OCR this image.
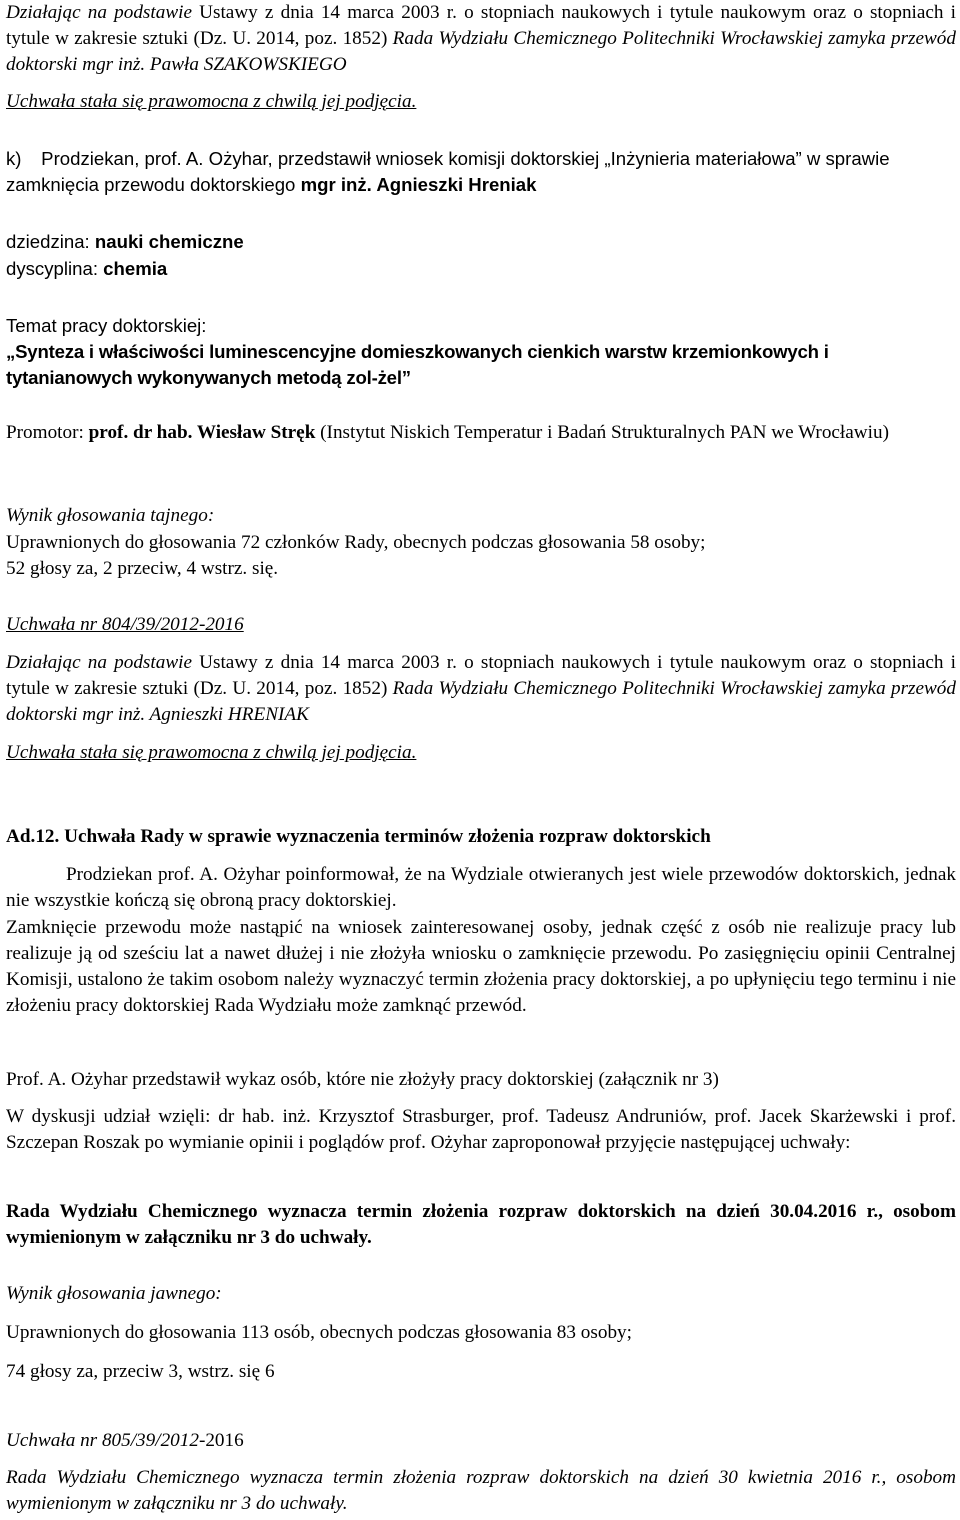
Działając na podstawie Ustawy z dnia 14 marca 2003 r. o stopniach naukowych i tytule naukowym oraz o stopniach i tytule w zakresie sztuki (Dz. U. 2014, poz. 1852) Rada Wydziału Chemicznego Politechniki Wrocławskiej zamyka przewód doktorski mgr inż. Pawła SZAKOWSKIEGO

Uchwała stała się prawomocna z chwilą jej podjęcia.

k) Prodziekan, prof. A. Ożyhar, przedstawił wniosek komisji doktorskiej „Inżynieria materiałowa” w sprawie zamknięcia przewodu doktorskiego mgr inż. Agnieszki Hreniak

dziedzina: nauki chemiczne

dyscyplina: chemia

Temat pracy doktorskiej:

„Synteza i właściwości luminescencyjne domieszkowanych cienkich warstw krzemionkowych i tytanianowych wykonywanych metodą zol-żel”

Promotor: prof. dr hab. Wiesław Stręk (Instytut Niskich Temperatur i Badań Strukturalnych PAN we Wrocławiu)

Wynik głosowania tajnego:

Uprawnionych do głosowania 72 członków Rady, obecnych podczas głosowania 58 osoby;

52 głosy za, 2 przeciw, 4 wstrz. się.

Uchwała nr 804/39/2012-2016

Działając na podstawie Ustawy z dnia 14 marca 2003 r. o stopniach naukowych i tytule naukowym oraz o stopniach i tytule w zakresie sztuki (Dz. U. 2014, poz. 1852) Rada Wydziału Chemicznego Politechniki Wrocławskiej zamyka przewód doktorski mgr inż. Agnieszki HRENIAK

Uchwała stała się prawomocna z chwilą jej podjęcia.

Ad.12. Uchwała Rady w sprawie wyznaczenia terminów złożenia rozpraw doktorskich

Prodziekan prof. A. Ożyhar poinformował, że na Wydziale otwieranych jest wiele przewodów doktorskich, jednak nie wszystkie kończą się obroną pracy doktorskiej.

Zamknięcie przewodu może nastąpić na wniosek zainteresowanej osoby, jednak część z osób nie realizuje pracy lub realizuje ją od sześciu lat a nawet dłużej i nie złożyła wniosku o zamknięcie przewodu. Po zasięgnięciu opinii Centralnej Komisji, ustalono że takim osobom należy wyznaczyć termin złożenia pracy doktorskiej, a po upłynięciu tego terminu i nie złożeniu pracy doktorskiej Rada Wydziału może zamknąć przewód.

Prof. A. Ożyhar przedstawił wykaz osób, które nie złożyły pracy doktorskiej (załącznik nr 3)

W dyskusji udział wzięli: dr hab. inż. Krzysztof Strasburger, prof. Tadeusz Andruniów, prof. Jacek Skarżewski i prof. Szczepan Roszak po wymianie opinii i poglądów prof. Ożyhar zaproponował przyjęcie następującej uchwały:

Rada Wydziału Chemicznego wyznacza termin złożenia rozpraw doktorskich na dzień 30.04.2016 r., osobom wymienionym w załączniku nr 3 do uchwały.

Wynik głosowania jawnego:

Uprawnionych do głosowania 113 osób, obecnych podczas głosowania 83 osoby;

74 głosy za, przeciw 3, wstrz. się 6

Uchwała nr 805/39/2012-2016

Rada Wydziału Chemicznego wyznacza termin złożenia rozpraw doktorskich na dzień 30 kwietnia 2016 r., osobom wymienionym w załączniku nr 3 do uchwały.
